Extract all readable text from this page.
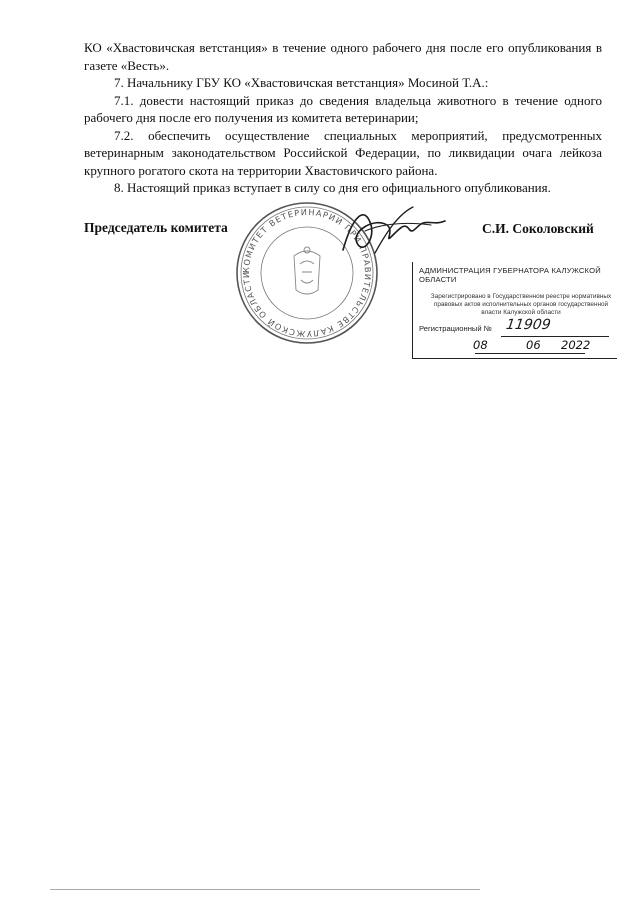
КО «Хвастовичская ветстанция» в течение одного рабочего дня после его опубликования в газете «Весть».

7. Начальнику ГБУ КО «Хвастовичская ветстанция» Мосиной Т.А.:

7.1. довести настоящий приказ до сведения владельца животного в течение одного рабочего дня после его получения из комитета ветеринарии;

7.2. обеспечить осуществление специальных мероприятий, предусмотренных ветеринарным законодательством Российской Федерации, по ликвидации очага лейкоза крупного рогатого скота на территории Хвастовичского района.

8. Настоящий приказ вступает в силу со дня его официального опубликования.

КОМИТЕТ ВЕТЕРИНАРИИ ПРИ ПРАВИТЕЛЬСТВЕ КАЛУЖСКОЙ ОБЛАСТИ
Председатель комитета	С.И. Соколовский
АДМИНИСТРАЦИЯ ГУБЕРНАТОРА КАЛУЖСКОЙ ОБЛАСТИ
Зарегистрировано в Государственном реестре нормативных правовых актов исполнительных органов государственной власти Калужской области
Регистрационный № 11909
08	06 2022
